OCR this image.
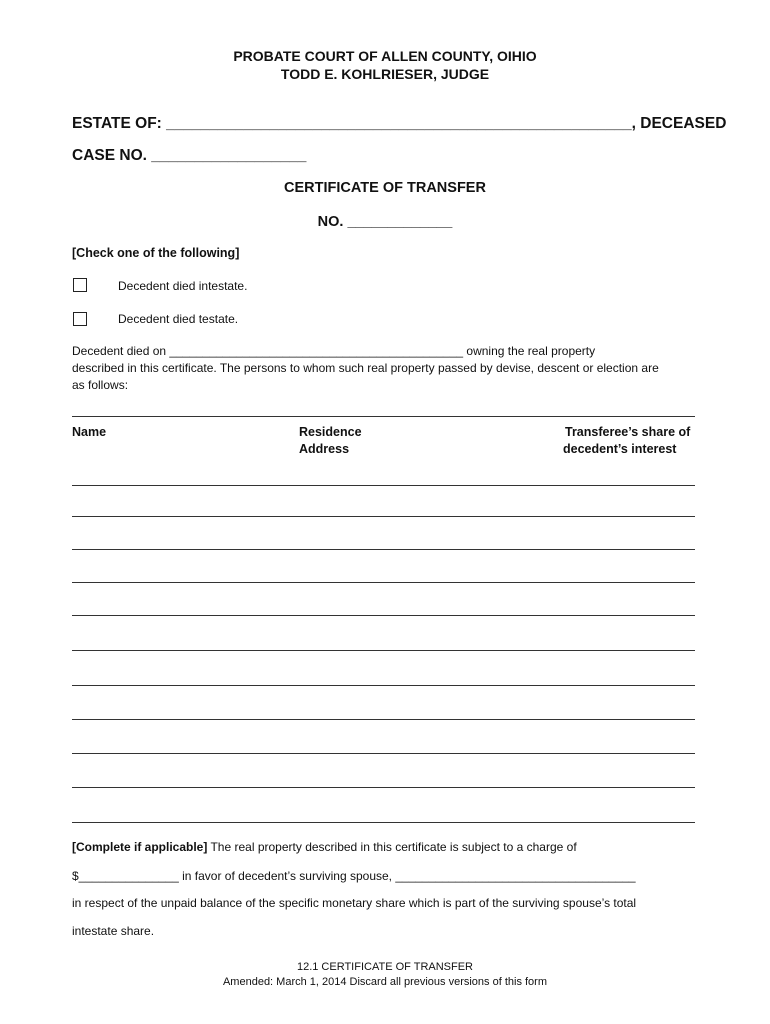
PROBATE COURT OF ALLEN COUNTY, OIHIO
TODD E. KOHLRIESER, JUDGE
ESTATE OF: ______________________________________________________, DECEASED
CASE NO. __________________
CERTIFICATE OF TRANSFER
NO. _____________
[Check one of the following]
Decedent died intestate.
Decedent died testate.
Decedent died on ____________________________________________ owning the real property
described in this certificate. The persons to whom such real property passed by devise, descent or election are
as follows:
Name	Residence
Address
Transferee’s share of
decedent’s interest
[Complete if applicable] The real property described in this certificate is subject to a charge of
$_______________ in favor of decedent’s surviving spouse, ____________________________________
in respect of the unpaid balance of the specific monetary share which is part of the surviving spouse’s total
intestate share.
12.1 CERTIFICATE OF TRANSFER
Amended: March 1, 2014 Discard all previous versions of this form
